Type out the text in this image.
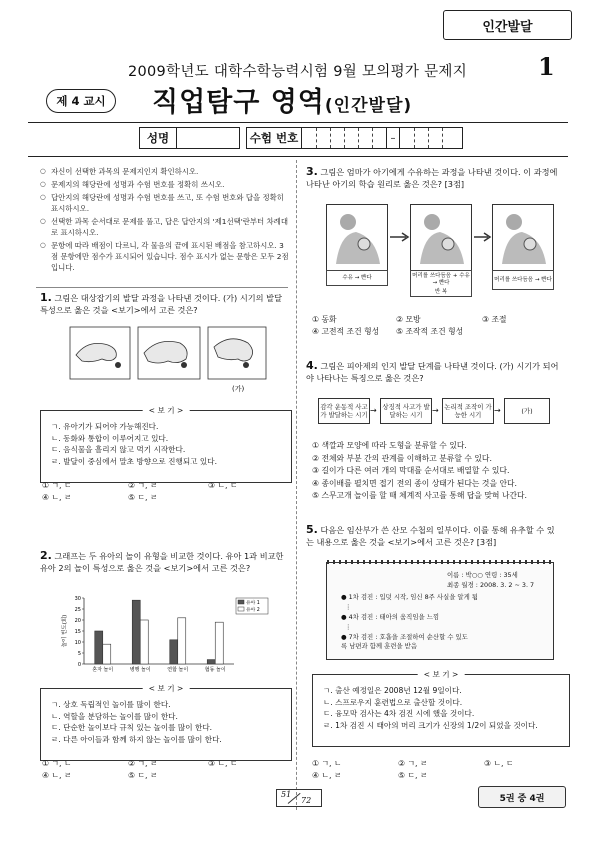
인간발달
2009학년도 대학수학능력시험 9월 모의평가 문제지	1
제 4 교시 직업탐구 영역(인간발달)
성명	수험 번호	–
○ 자신이 선택한 과목의 문제지인지 확인하시오.
○ 문제지의 해당란에 성명과 수험 번호를 정확히 쓰시오.
○ 답안지의 해당란에 성명과 수험 번호를 쓰고, 또 수험 번호와 답을 정확히 표시하시오.
○ 선택한 과목 순서대로 문제를 풀고, 답은 답안지의 '제1선택'란부터 차례대로 표시하시오.
○ 문항에 따라 배점이 다르니, 각 물음의 끝에 표시된 배점을 참고하시오. 3점 문항에만 점수가 표시되어 있습니다. 점수 표시가 없는 문항은 모두 2점입니다.
1. 그림은 대상잡기의 발달 과정을 나타낸 것이다. (가) 시기의 발달 특성으로 옳은 것을 <보기>에서 고른 것은?
(가)
< 보 기 >
ㄱ. 유아기가 되어야 가능해진다.
ㄴ. 동화와 통합이 이루어지고 있다.
ㄷ. 음식물을 흘리지 않고 먹기 시작한다.
ㄹ. 발달이 중심에서 말초 방향으로 진행되고 있다.
① ㄱ, ㄷ	② ㄱ, ㄹ	③ ㄴ, ㄷ
④ ㄴ, ㄹ	⑤ ㄷ, ㄹ
2. 그래프는 두 유아의 놀이 유형을 비교한 것이다. 유아 1과 비교한 유아 2의 놀이 특성으로 옳은 것을 <보기>에서 고른 것은?
놀이 빈도(회)
0
5
10
15
20
25
30
혼자 놀이	병행 놀이	연합 놀이	협동 놀이
유아 1
유아 2
< 보 기 >
ㄱ. 상호 독립적인 놀이를 많이 한다.
ㄴ. 역할을 분담하는 놀이를 많이 한다.
ㄷ. 단순한 놀이보다 규칙 있는 놀이를 많이 한다.
ㄹ. 다른 아이들과 함께 하지 않는 놀이를 많이 한다.
① ㄱ, ㄴ	② ㄱ, ㄹ	③ ㄴ, ㄷ
④ ㄴ, ㄹ	⑤ ㄷ, ㄹ
3. 그림은 엄마가 아기에게 수유하는 과정을 나타낸 것이다. 이 과정에 나타난 아기의 학습 원리로 옳은 것은? [3점]
수유 → 빤다	머리를 쓰다듬음 + 수유 → 빤다
반 복
머리를 쓰다듬음 → 빤다
① 동화	② 모방	③ 조절
④ 고전적 조건 형성 ⑤ 조작적 조건 형성
4. 그림은 피아제의 인지 발달 단계를 나타낸 것이다. (가) 시기가 되어야 나타나는 특징으로 옳은 것은?
감각 운동적 사고가 발달하는 시기 → 상징적 사고가 발달하는 시기	→ 논리적 조작이 가능한 시기	→	(가)
① 색깔과 모양에 따라 도형을 분류할 수 있다.
② 전체와 부분 간의 관계를 이해하고 분류할 수 있다.
③ 길이가 다른 여러 개의 막대를 순서대로 배열할 수 있다.
④ 종이배를 펼치면 접기 전의 종이 상태가 된다는 것을 안다.
⑤ 스무고개 놀이를 할 때 체계적 사고를 통해 답을 맞혀 나간다.
5. 다음은 임산부가 쓴 산모 수첩의 일부이다. 이를 통해 유추할 수 있는 내용으로 옳은 것을 <보기>에서 고른 것은? [3점]
이름 : 박○○ 연령 : 35세
최종 월경 : 2008. 3. 2 ~ 3. 7
● 1차 검진 : 입덧 시작, 임신 8주 사실을 알게 됨
⋮
● 4차 검진 : 태아의 움직임을 느낌
⋮
● 7차 검진 : 호흡을 조절하여 순산할 수 있도록 남편과 함께 훈련을 받음
< 보 기 >
ㄱ. 출산 예정일은 2008년 12월 9일이다.
ㄴ. 스프로우지 훈련법으로 출산할 것이다.
ㄷ. 융모막 검사는 4차 검진 시에 했을 것이다.
ㄹ. 1차 검진 시 태아의 머리 크기가 신장의 1/2이 되었을 것이다.
① ㄱ, ㄴ	② ㄱ, ㄹ	③ ㄴ, ㄷ
④ ㄴ, ㄹ	⑤ ㄷ, ㄹ
51
72	5권 중 4권
